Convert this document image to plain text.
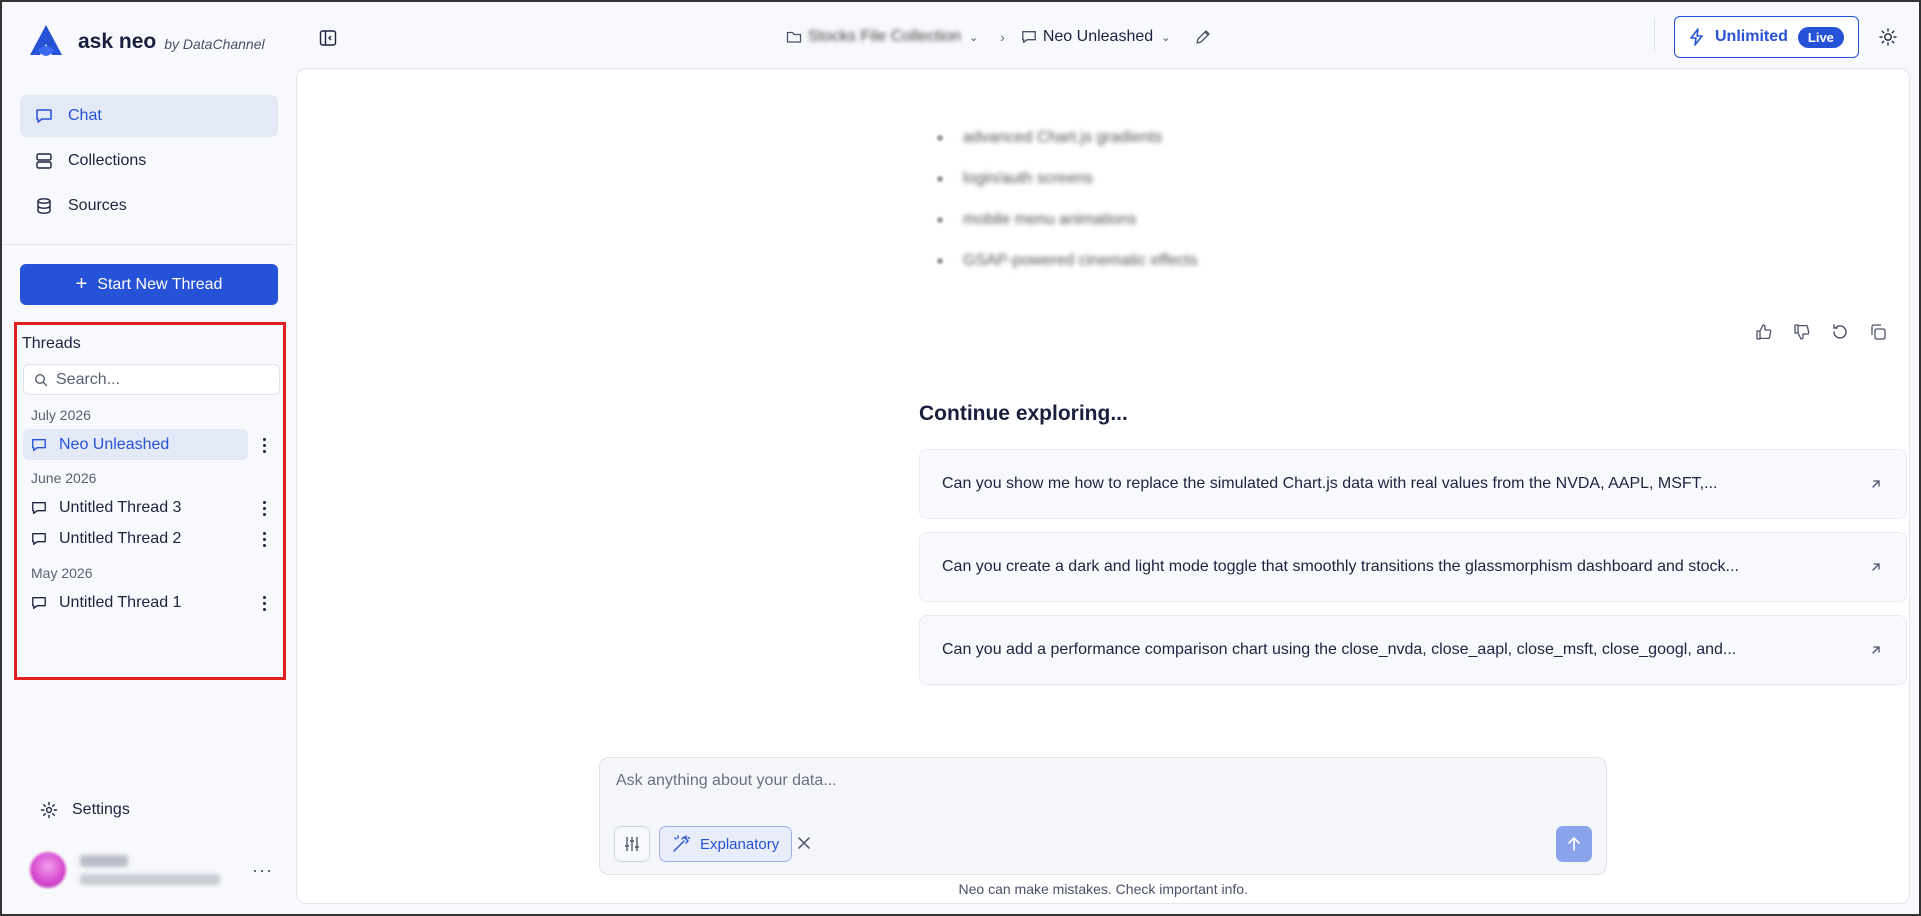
ask neo by DataChannel
Chat
Collections
Sources
+ Start New Thread
Threads
Search...
July 2026
Neo Unleashed
June 2026
Untitled Thread 3
Untitled Thread 2
May 2026
Untitled Thread 1
Settings
···
Stocks File Collection ⌄ › Neo Unleashed ⌄	Unlimited	Live
advanced Chart.js gradients
login/auth screens
mobile menu animations
GSAP-powered cinematic effects
Continue exploring...
Can you show me how to replace the simulated Chart.js data with real values from the NVDA, AAPL, MSFT,...
Can you create a dark and light mode toggle that smoothly transitions the glassmorphism dashboard and stock...
Can you add a performance comparison chart using the close_nvda, close_aapl, close_msft, close_googl, and...
Ask anything about your data...
Explanatory
Neo can make mistakes. Check important info.
